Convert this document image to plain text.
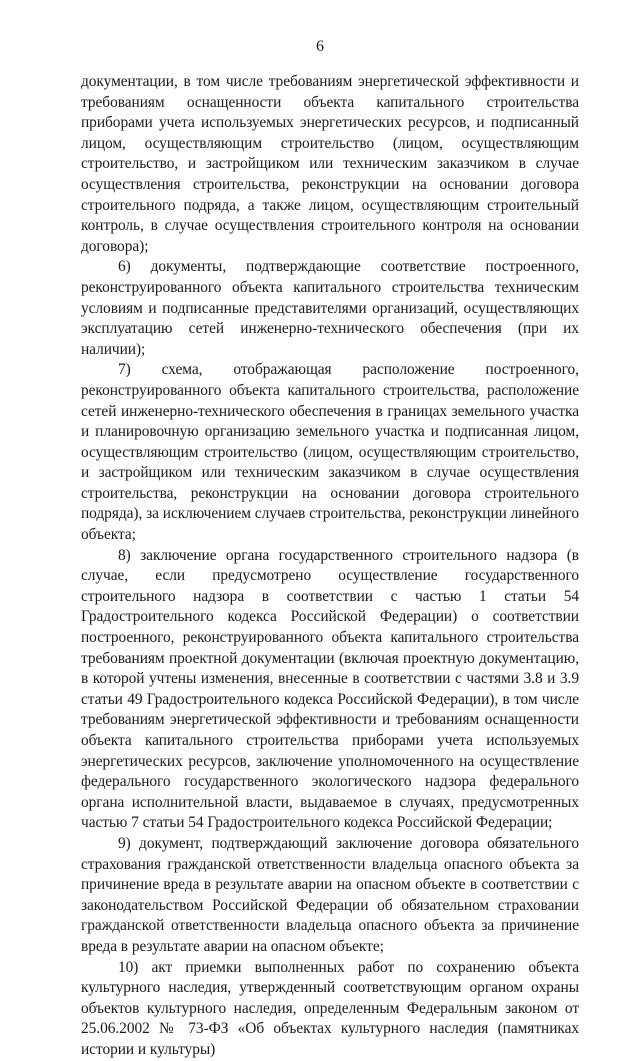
6

документации, в том числе требованиям энергетической эффективности и требованиям оснащенности объекта капитального строительства приборами учета используемых энергетических ресурсов, и подписанный лицом, осуществляющим строительство (лицом, осуществляющим строительство, и застройщиком или техническим заказчиком в случае осуществления строительства, реконструкции на основании договора строительного подряда, а также лицом, осуществляющим строительный контроль, в случае осуществления строительного контроля на основании договора);

6) документы, подтверждающие соответствие построенного, реконструированного объекта капитального строительства техническим условиям и подписанные представителями организаций, осуществляющих эксплуатацию сетей инженерно-технического обеспечения (при их наличии);

7) схема, отображающая расположение построенного, реконструированного объекта капитального строительства, расположение сетей инженерно-технического обеспечения в границах земельного участка и планировочную организацию земельного участка и подписанная лицом, осуществляющим строительство (лицом, осуществляющим строительство, и застройщиком или техническим заказчиком в случае осуществления строительства, реконструкции на основании договора строительного подряда), за исключением случаев строительства, реконструкции линейного объекта;

8) заключение органа государственного строительного надзора (в случае, если предусмотрено осуществление государственного строительного надзора в соответствии с частью 1 статьи 54 Градостроительного кодекса Российской Федерации) о соответствии построенного, реконструированного объекта капитального строительства требованиям проектной документации (включая проектную документацию, в которой учтены изменения, внесенные в соответствии с частями 3.8 и 3.9 статьи 49 Градостроительного кодекса Российской Федерации), в том числе требованиям энергетической эффективности и требованиям оснащенности объекта капитального строительства приборами учета используемых энергетических ресурсов, заключение уполномоченного на осуществление федерального государственного экологического надзора федерального органа исполнительной власти, выдаваемое в случаях, предусмотренных частью 7 статьи 54 Градостроительного кодекса Российской Федерации;

9) документ, подтверждающий заключение договора обязательного страхования гражданской ответственности владельца опасного объекта за причинение вреда в результате аварии на опасном объекте в соответствии с законодательством Российской Федерации об обязательном страховании гражданской ответственности владельца опасного объекта за причинение вреда в результате аварии на опасном объекте;

10) акт приемки выполненных работ по сохранению объекта культурного наследия, утвержденный соответствующим органом охраны объектов культурного наследия, определенным Федеральным законом от 25.06.2002 № 73-ФЗ «Об объектах культурного наследия (памятниках истории и культуры)
